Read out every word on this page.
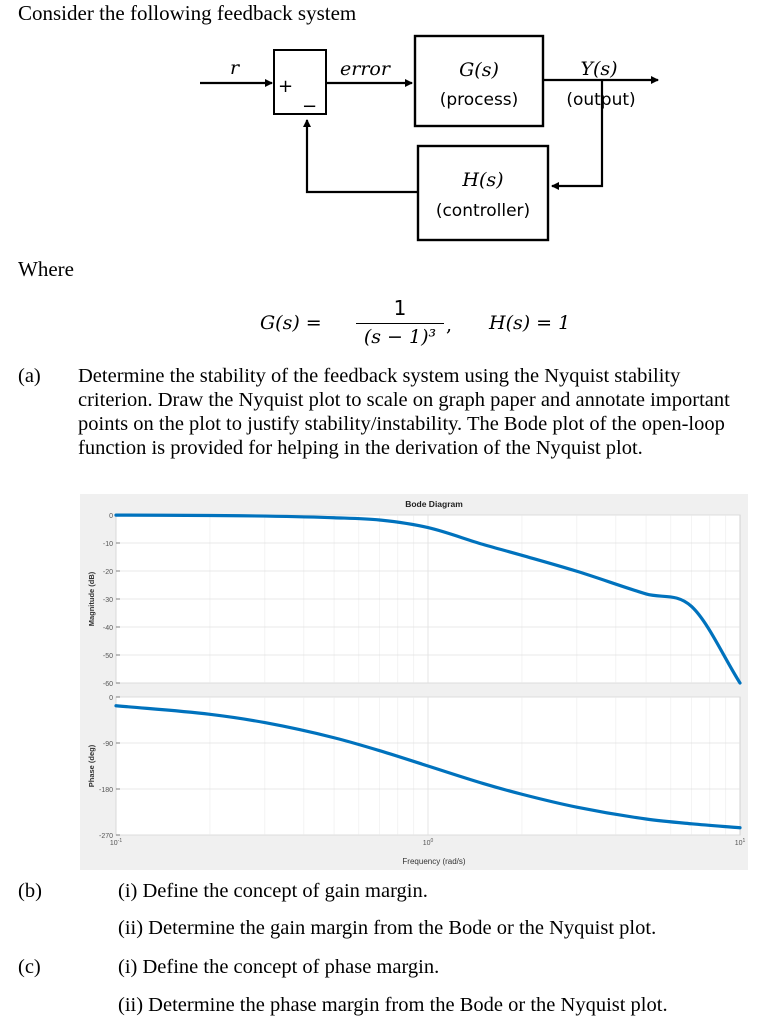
Consider the following feedback system
r
+
−
error	G(s)
(process)
Y(s)
(output)
H(s)
(controller)
Where
G(s) =
1
(s − 1)³
, H(s) = 1
(a) Determine the stability of the feedback system using the Nyquist stability criterion. Draw the Nyquist plot to scale on graph paper and annotate important points on the plot to justify stability/instability. The Bode plot of the open-loop function is provided for helping in the derivation of the Nyquist plot.
Bode Diagram
Frequency (rad/s)
0
-10
-20
-30
-40
-50
-60
Magnitude (dB)
0
-90
-180
-270
Phase (deg)
$10^{-1}$	$10^0$	$10^1$
(b)	(i) Define the concept of gain margin.
(ii) Determine the gain margin from the Bode or the Nyquist plot.
(c)	(i) Define the concept of phase margin.
(ii) Determine the phase margin from the Bode or the Nyquist plot.
